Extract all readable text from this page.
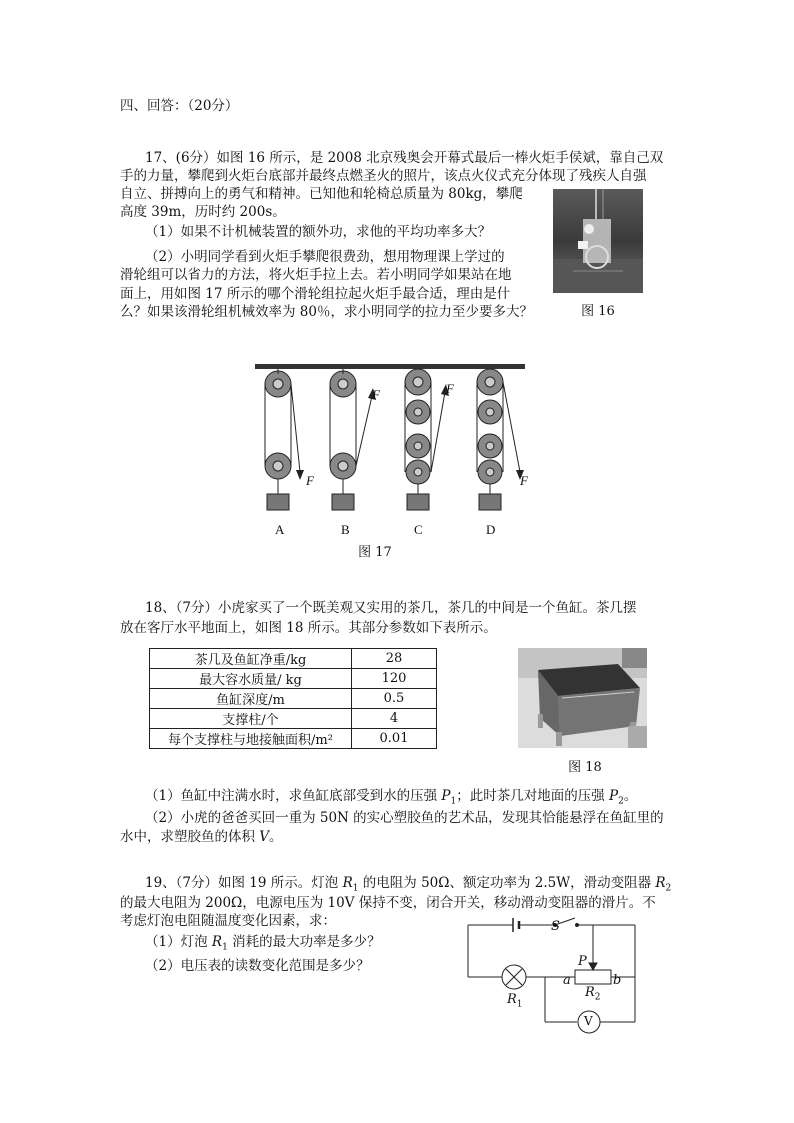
四、回答：（20分）
17、(6分）如图 16 所示，是 2008 北京残奥会开幕式最后一棒火炬手侯斌，靠自己双
手的力量，攀爬到火炬台底部并最终点燃圣火的照片，该点火仪式充分体现了残疾人自强
自立、拼搏向上的勇气和精神。已知他和轮椅总质量为 80kg，攀爬
高度 39m，历时约 200s。
（1）如果不计机械装置的额外功，求他的平均功率多大？
（2）小明同学看到火炬手攀爬很费劲，想用物理课上学过的
滑轮组可以省力的方法，将火炬手拉上去。若小明同学如果站在地
面上，用如图 17 所示的哪个滑轮组拉起火炬手最合适，理由是什
么？如果该滑轮组机械效率为 80％，求小明同学的拉力至少要多大？	图 16
F
F	F
F
A	B	C	D
图 17
18、（7分）小虎家买了一个既美观又实用的茶几，茶几的中间是一个鱼缸。茶几摆
放在客厅水平地面上，如图 18 所示。其部分参数如下表所示。
茶几及鱼缸净重/kg	28
最大容水质量/ kg	120
鱼缸深度/m	0.5
支撑柱/个	4
每个支撑柱与地接触面积/m²	0.01
图 18
（1）鱼缸中注满水时，求鱼缸底部受到水的压强 $P_1$；此时茶几对地面的压强 $P_2$。
（2）小虎的爸爸买回一重为 50N 的实心塑胶鱼的艺术品，发现其恰能悬浮在鱼缸里的
水中，求塑胶鱼的体积 V。
19、（7分）如图 19 所示。灯泡 $R_1$ 的电阻为 50Ω、额定功率为 2.5W，滑动变阻器 $R_2$
的最大电阻为 200Ω，电源电压为 10V 保持不变，闭合开关，移动滑动变阻器的滑片。不
考虑灯泡电阻随温度变化因素，求：
（1）灯泡 $R_1$ 消耗的最大功率是多少？
（2）电压表的读数变化范围是多少？
S
P
a	b
$R_1$
$R_2$
V
